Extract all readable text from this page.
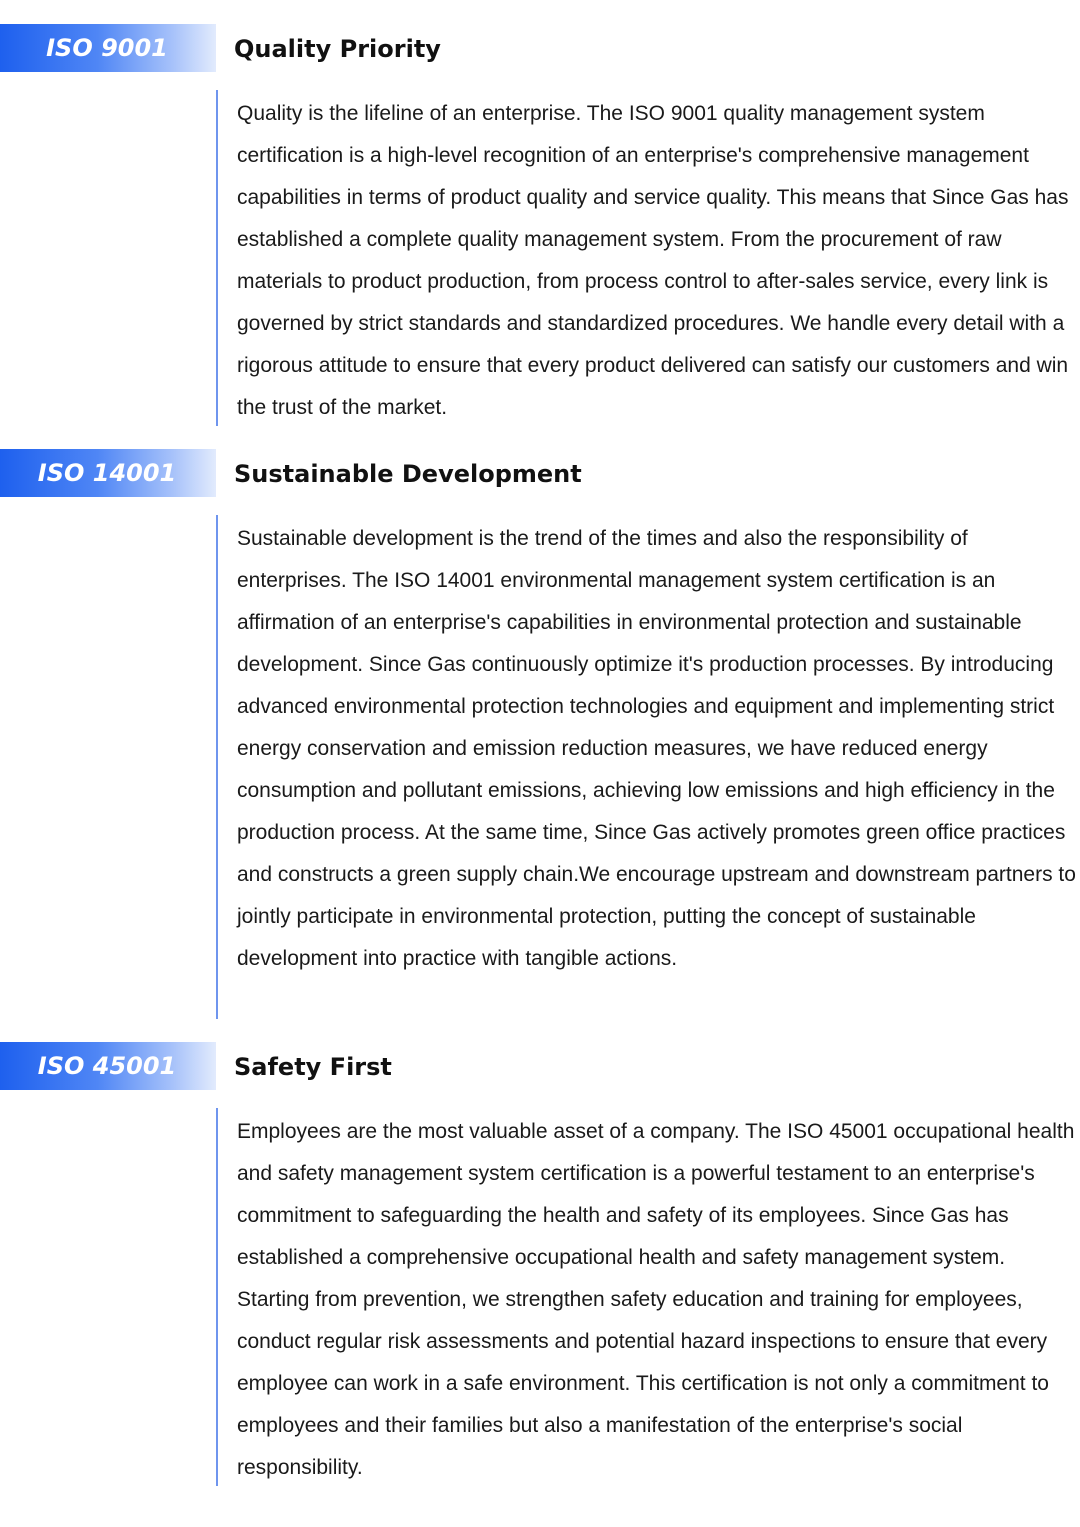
ISO 9001	Quality Priority

Quality is the lifeline of an enterprise. The ISO 9001 quality management system certification is a high-level recognition of an enterprise's comprehensive management capabilities in terms of product quality and service quality. This means that Since Gas has established a complete quality management system. From the procurement of raw materials to product production, from process control to after-sales service, every link is governed by strict standards and standardized procedures. We handle every detail with a rigorous attitude to ensure that every product delivered can satisfy our customers and win the trust of the market.

ISO 14001	Sustainable Development

Sustainable development is the trend of the times and also the responsibility of enterprises. The ISO 14001 environmental management system certification is an affirmation of an enterprise's capabilities in environmental protection and sustainable development. Since Gas continuously optimize it's production processes. By introducing advanced environmental protection technologies and equipment and implementing strict energy conservation and emission reduction measures, we have reduced energy consumption and pollutant emissions, achieving low emissions and high efficiency in the production process. At the same time, Since Gas actively promotes green office practices and constructs a green supply chain.We encourage upstream and downstream partners to jointly participate in environmental protection, putting the concept of sustainable development into practice with tangible actions.

ISO 45001	Safety First

Employees are the most valuable asset of a company. The ISO 45001 occupational health and safety management system certification is a powerful testament to an enterprise's commitment to safeguarding the health and safety of its employees. Since Gas has established a comprehensive occupational health and safety management system. Starting from prevention, we strengthen safety education and training for employees, conduct regular risk assessments and potential hazard inspections to ensure that every employee can work in a safe environment. This certification is not only a commitment to employees and their families but also a manifestation of the enterprise's social responsibility.
